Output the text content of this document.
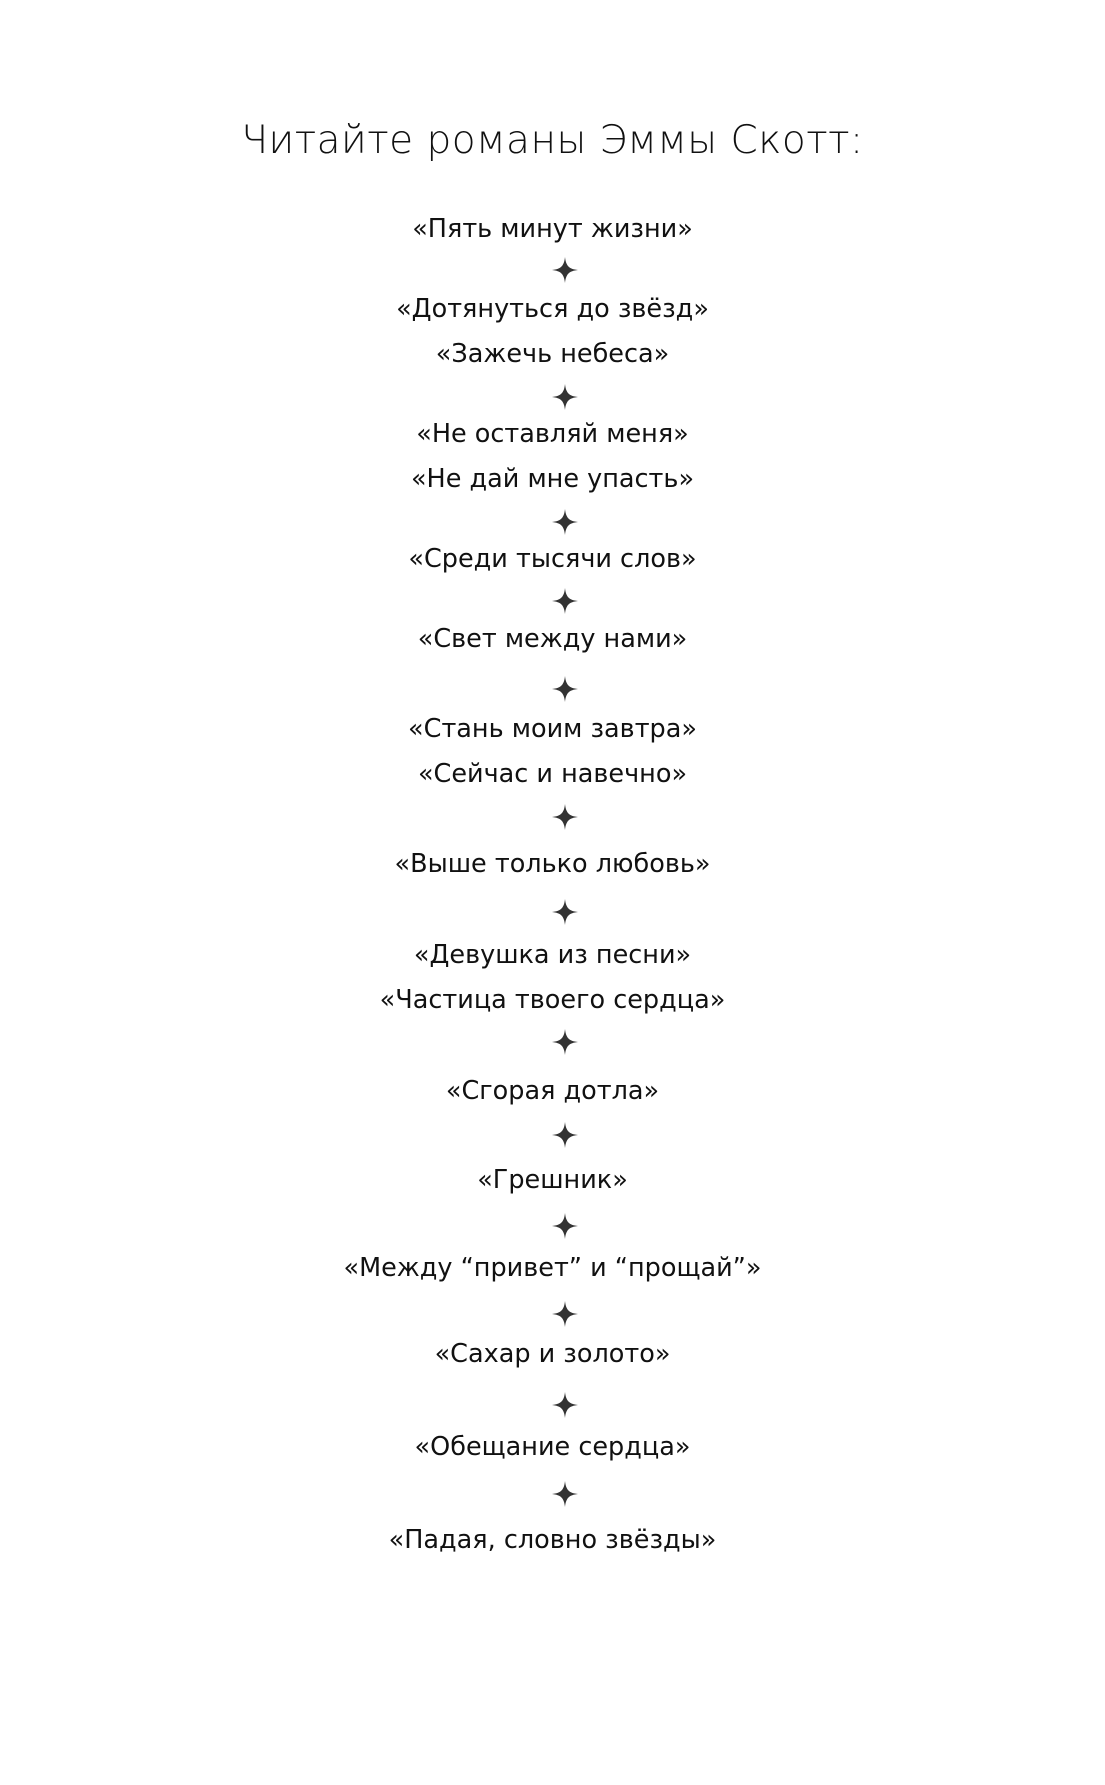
Читайте романы Эммы Скотт:
«Пять минут жизни»
«Дотянуться до звёзд»
«Зажечь небеса»
«Не оставляй меня»
«Не дай мне упасть»
«Среди тысячи слов»
«Свет между нами»
«Стань моим завтра»
«Сейчас и навечно»
«Выше только любовь»
«Девушка из песни»
«Частица твоего сердца»
«Сгорая дотла»
«Грешник»
«Между “привет” и “прощай”»
«Сахар и золото»
«Обещание сердца»
«Падая, словно звёзды»
